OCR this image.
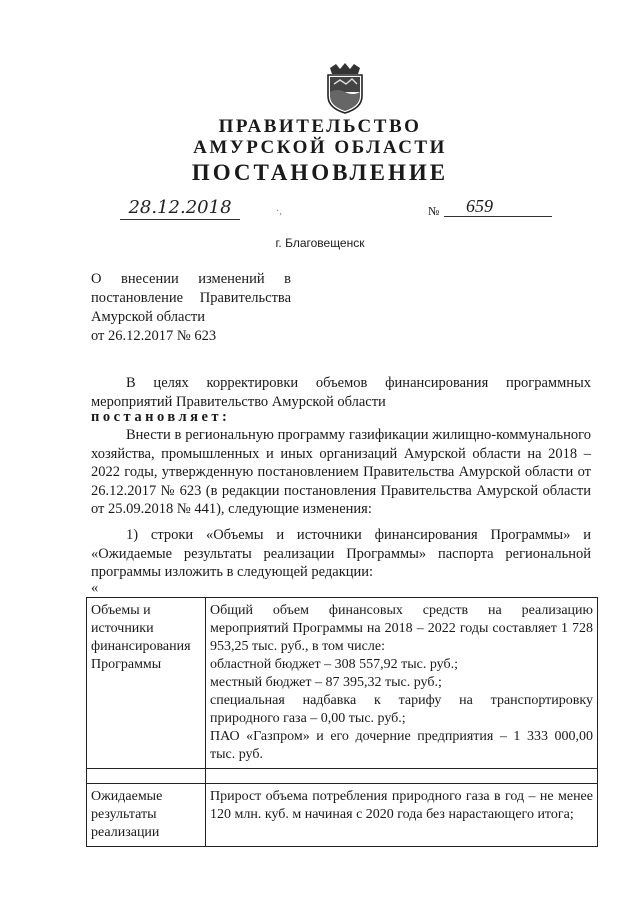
ПРАВИТЕЛЬСТВО
АМУРСКОЙ ОБЛАСТИ
ПОСТАНОВЛЕНИЕ
28.12.2018	·,	№	659
г. Благовещенск
О внесении изменений в
постановление Правительства
Амурской области
от 26.12.2017 № 623
В целях корректировки объемов финансирования программных мероприятий Правительство Амурской области
постановляет:
Внести в региональную программу газификации жилищно-коммунального хозяйства, промышленных и иных организаций Амурской области на 2018 – 2022 годы, утвержденную постановлением Правительства Амурской области от 26.12.2017 № 623 (в редакции постановления Правительства Амурской области от 25.09.2018 № 441), следующие изменения:
1) строки «Объемы и источники финансирования Программы» и «Ожидаемые результаты реализации Программы» паспорта региональной программы изложить в следующей редакции:
«
Объемы и источники финансирования Программы	Общий объем финансовых средств на реализацию мероприятий Программы на 2018 – 2022 годы составляет 1 728 953,25 тыс. руб., в том числе:
областной бюджет – 308 557,92 тыс. руб.;
местный бюджет – 87 395,32 тыс. руб.;
специальная надбавка к тарифу на транспортировку природного газа – 0,00 тыс. руб.;
ПАО «Газпром» и его дочерние предприятия – 1 333 000,00 тыс. руб.

Ожидаемые результаты реализации	Прирост объема потребления природного газа в год – не менее 120 млн. куб. м начиная с 2020 года без нарастающего итога;
